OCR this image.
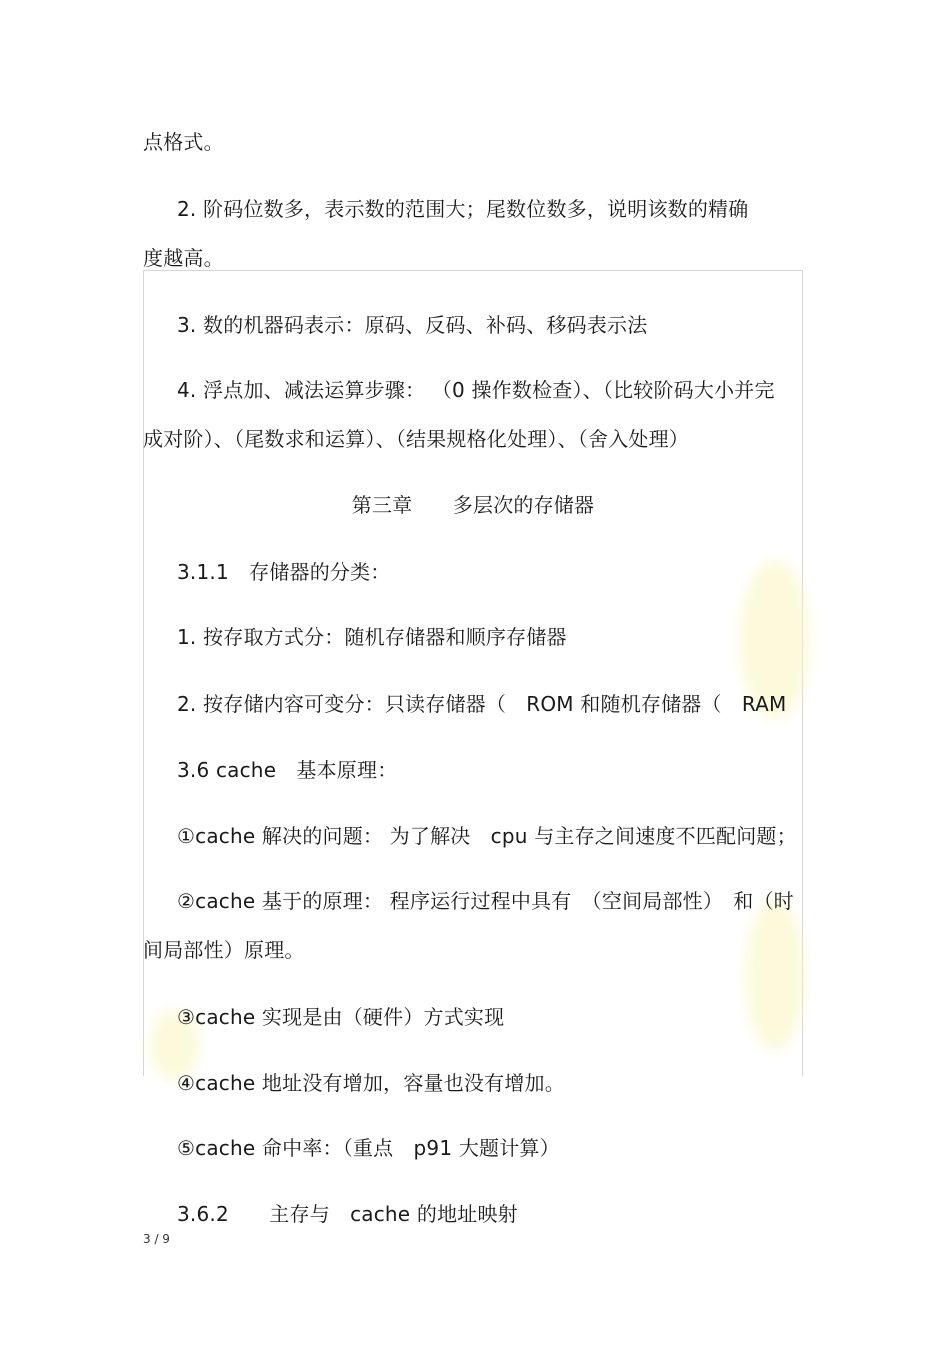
点格式。
2. 阶码位数多，表示数的范围大；尾数位数多，说明该数的精确
度越高。
3. 数的机器码表示：原码、反码、补码、移码表示法
4. 浮点加、减法运算步骤： （0 操作数检查）、（比较阶码大小并完
成对阶）、（尾数求和运算）、（结果规格化处理）、（舍入处理）
第三章　　多层次的存储器
3.1.1　存储器的分类：
1. 按存取方式分：随机存储器和顺序存储器
2. 按存储内容可变分：只读存储器（　ROM 和随机存储器（　RAM
3.6 cache　基本原理：
①cache 解决的问题： 为了解决　cpu 与主存之间速度不匹配问题；
②cache 基于的原理： 程序运行过程中具有　（空间局部性）　和（时
间局部性）原理。
③cache 实现是由（硬件）方式实现
④cache 地址没有增加，容量也没有增加。
⑤cache 命中率：（重点　p91 大题计算）
3.6.2　　主存与　cache 的地址映射
3 / 9
